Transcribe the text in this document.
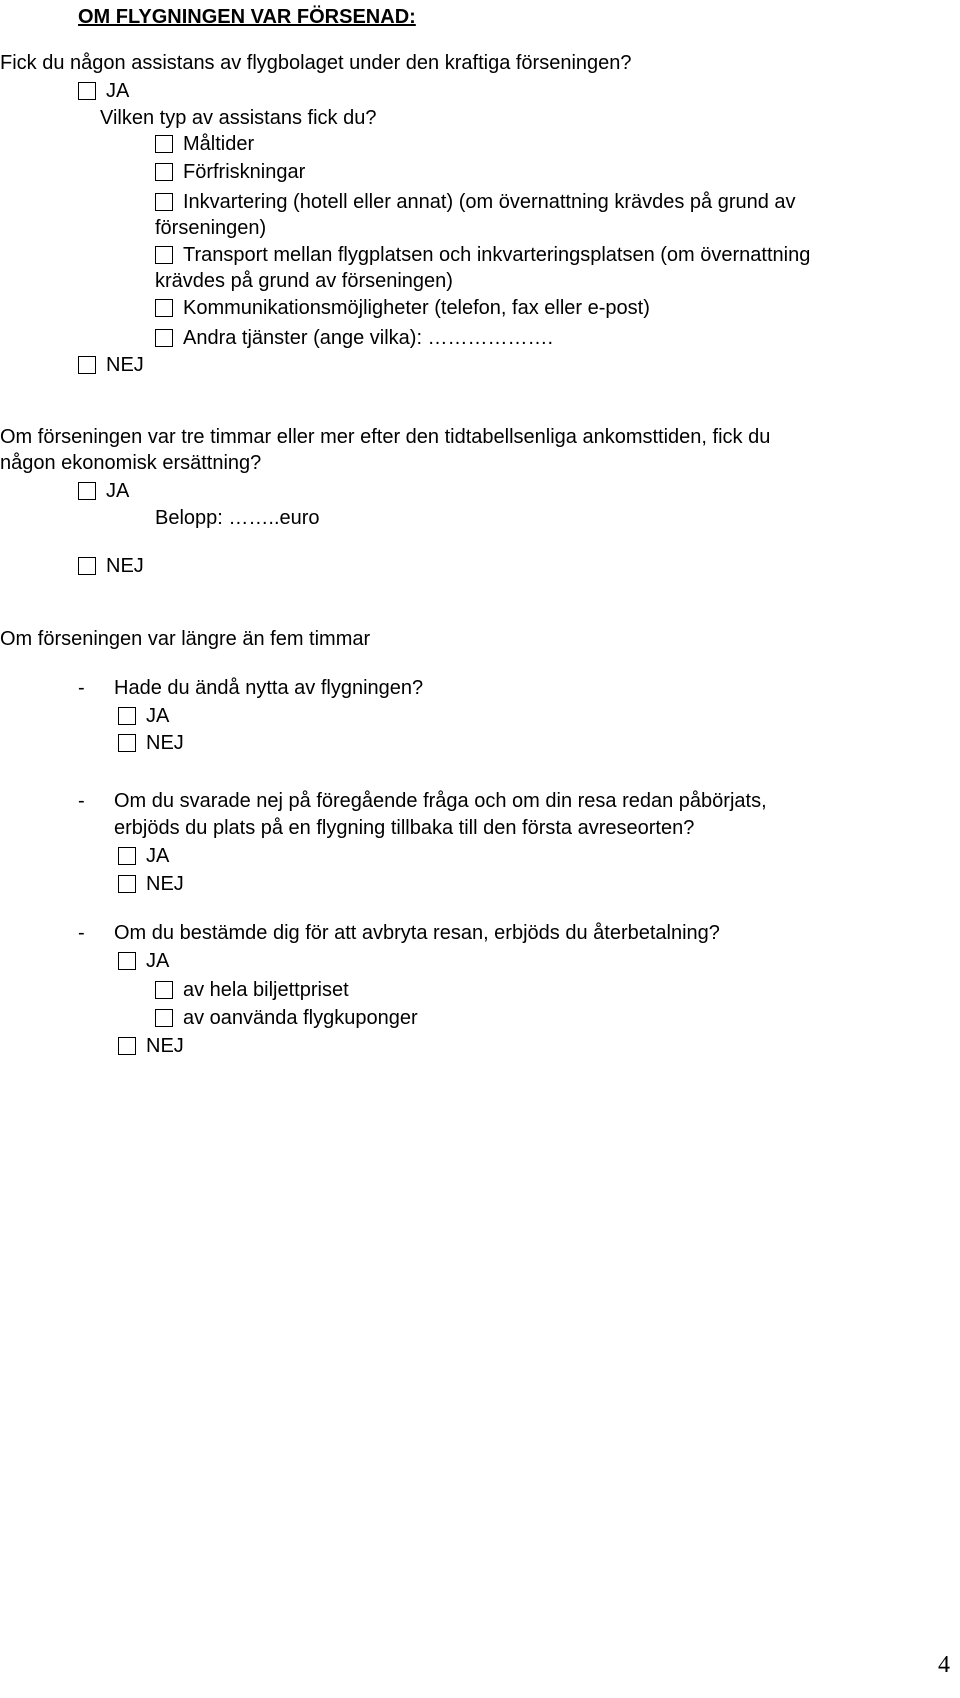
OM FLYGNINGEN VAR FÖRSENAD:
Fick du någon assistans av flygbolaget under den kraftiga förseningen?
JA
Vilken typ av assistans fick du?
Måltider
Förfriskningar
Inkvartering (hotell eller annat) (om övernattning krävdes på grund av
förseningen)
Transport mellan flygplatsen och inkvarteringsplatsen (om övernattning
krävdes på grund av förseningen)
Kommunikationsmöjligheter (telefon, fax eller e-post)
Andra tjänster (ange vilka): ……………….
NEJ
Om förseningen var tre timmar eller mer efter den tidtabellsenliga ankomsttiden, fick du
någon ekonomisk ersättning?
JA
Belopp: ……..euro
NEJ
Om förseningen var längre än fem timmar
-	Hade du ändå nytta av flygningen?
JA
NEJ
-	Om du svarade nej på föregående fråga och om din resa redan påbörjats,
erbjöds du plats på en flygning tillbaka till den första avreseorten?
JA
NEJ
-	Om du bestämde dig för att avbryta resan, erbjöds du återbetalning?
JA
av hela biljettpriset
av oanvända flygkuponger
NEJ
4
